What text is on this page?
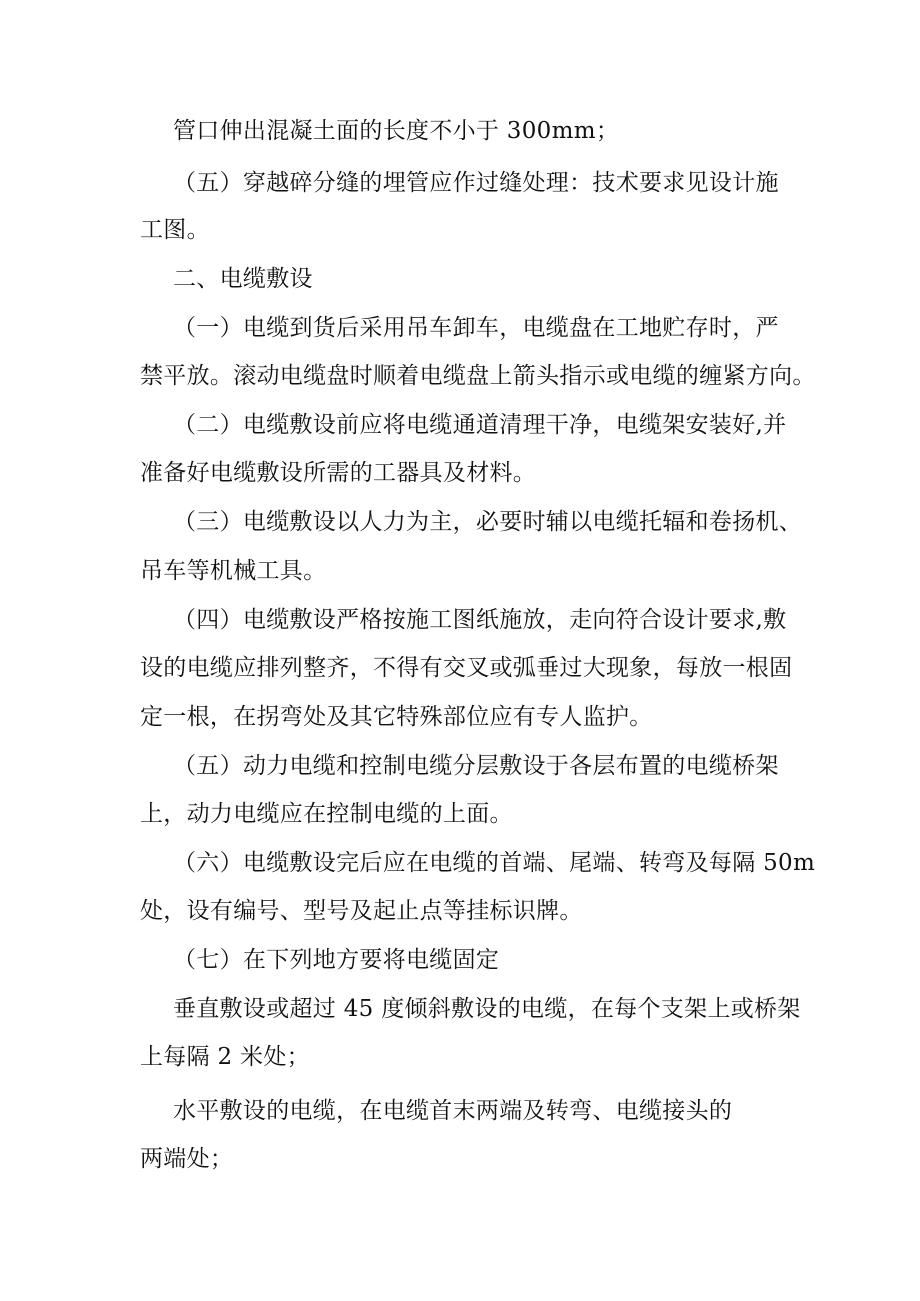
管口伸出混凝土面的长度不小于 300mm；

（五）穿越碎分缝的埋管应作过缝处理：技术要求见设计施

工图。

二、电缆敷设

（一）电缆到货后采用吊车卸车，电缆盘在工地贮存时，严

禁平放。滚动电缆盘时顺着电缆盘上箭头指示或电缆的缠紧方向。

（二）电缆敷设前应将电缆通道清理干净，电缆架安装好,并

准备好电缆敷设所需的工器具及材料。

（三）电缆敷设以人力为主，必要时辅以电缆托辐和卷扬机、

吊车等机械工具。

（四）电缆敷设严格按施工图纸施放，走向符合设计要求,敷

设的电缆应排列整齐，不得有交叉或弧垂过大现象，每放一根固

定一根，在拐弯处及其它特殊部位应有专人监护。

（五）动力电缆和控制电缆分层敷设于各层布置的电缆桥架

上，动力电缆应在控制电缆的上面。

（六）电缆敷设完后应在电缆的首端、尾端、转弯及每隔 50m

处，设有编号、型号及起止点等挂标识牌。

（七）在下列地方要将电缆固定

垂直敷设或超过 45 度倾斜敷设的电缆，在每个支架上或桥架

上每隔 2 米处；

水平敷设的电缆，在电缆首末两端及转弯、电缆接头的

两端处；
